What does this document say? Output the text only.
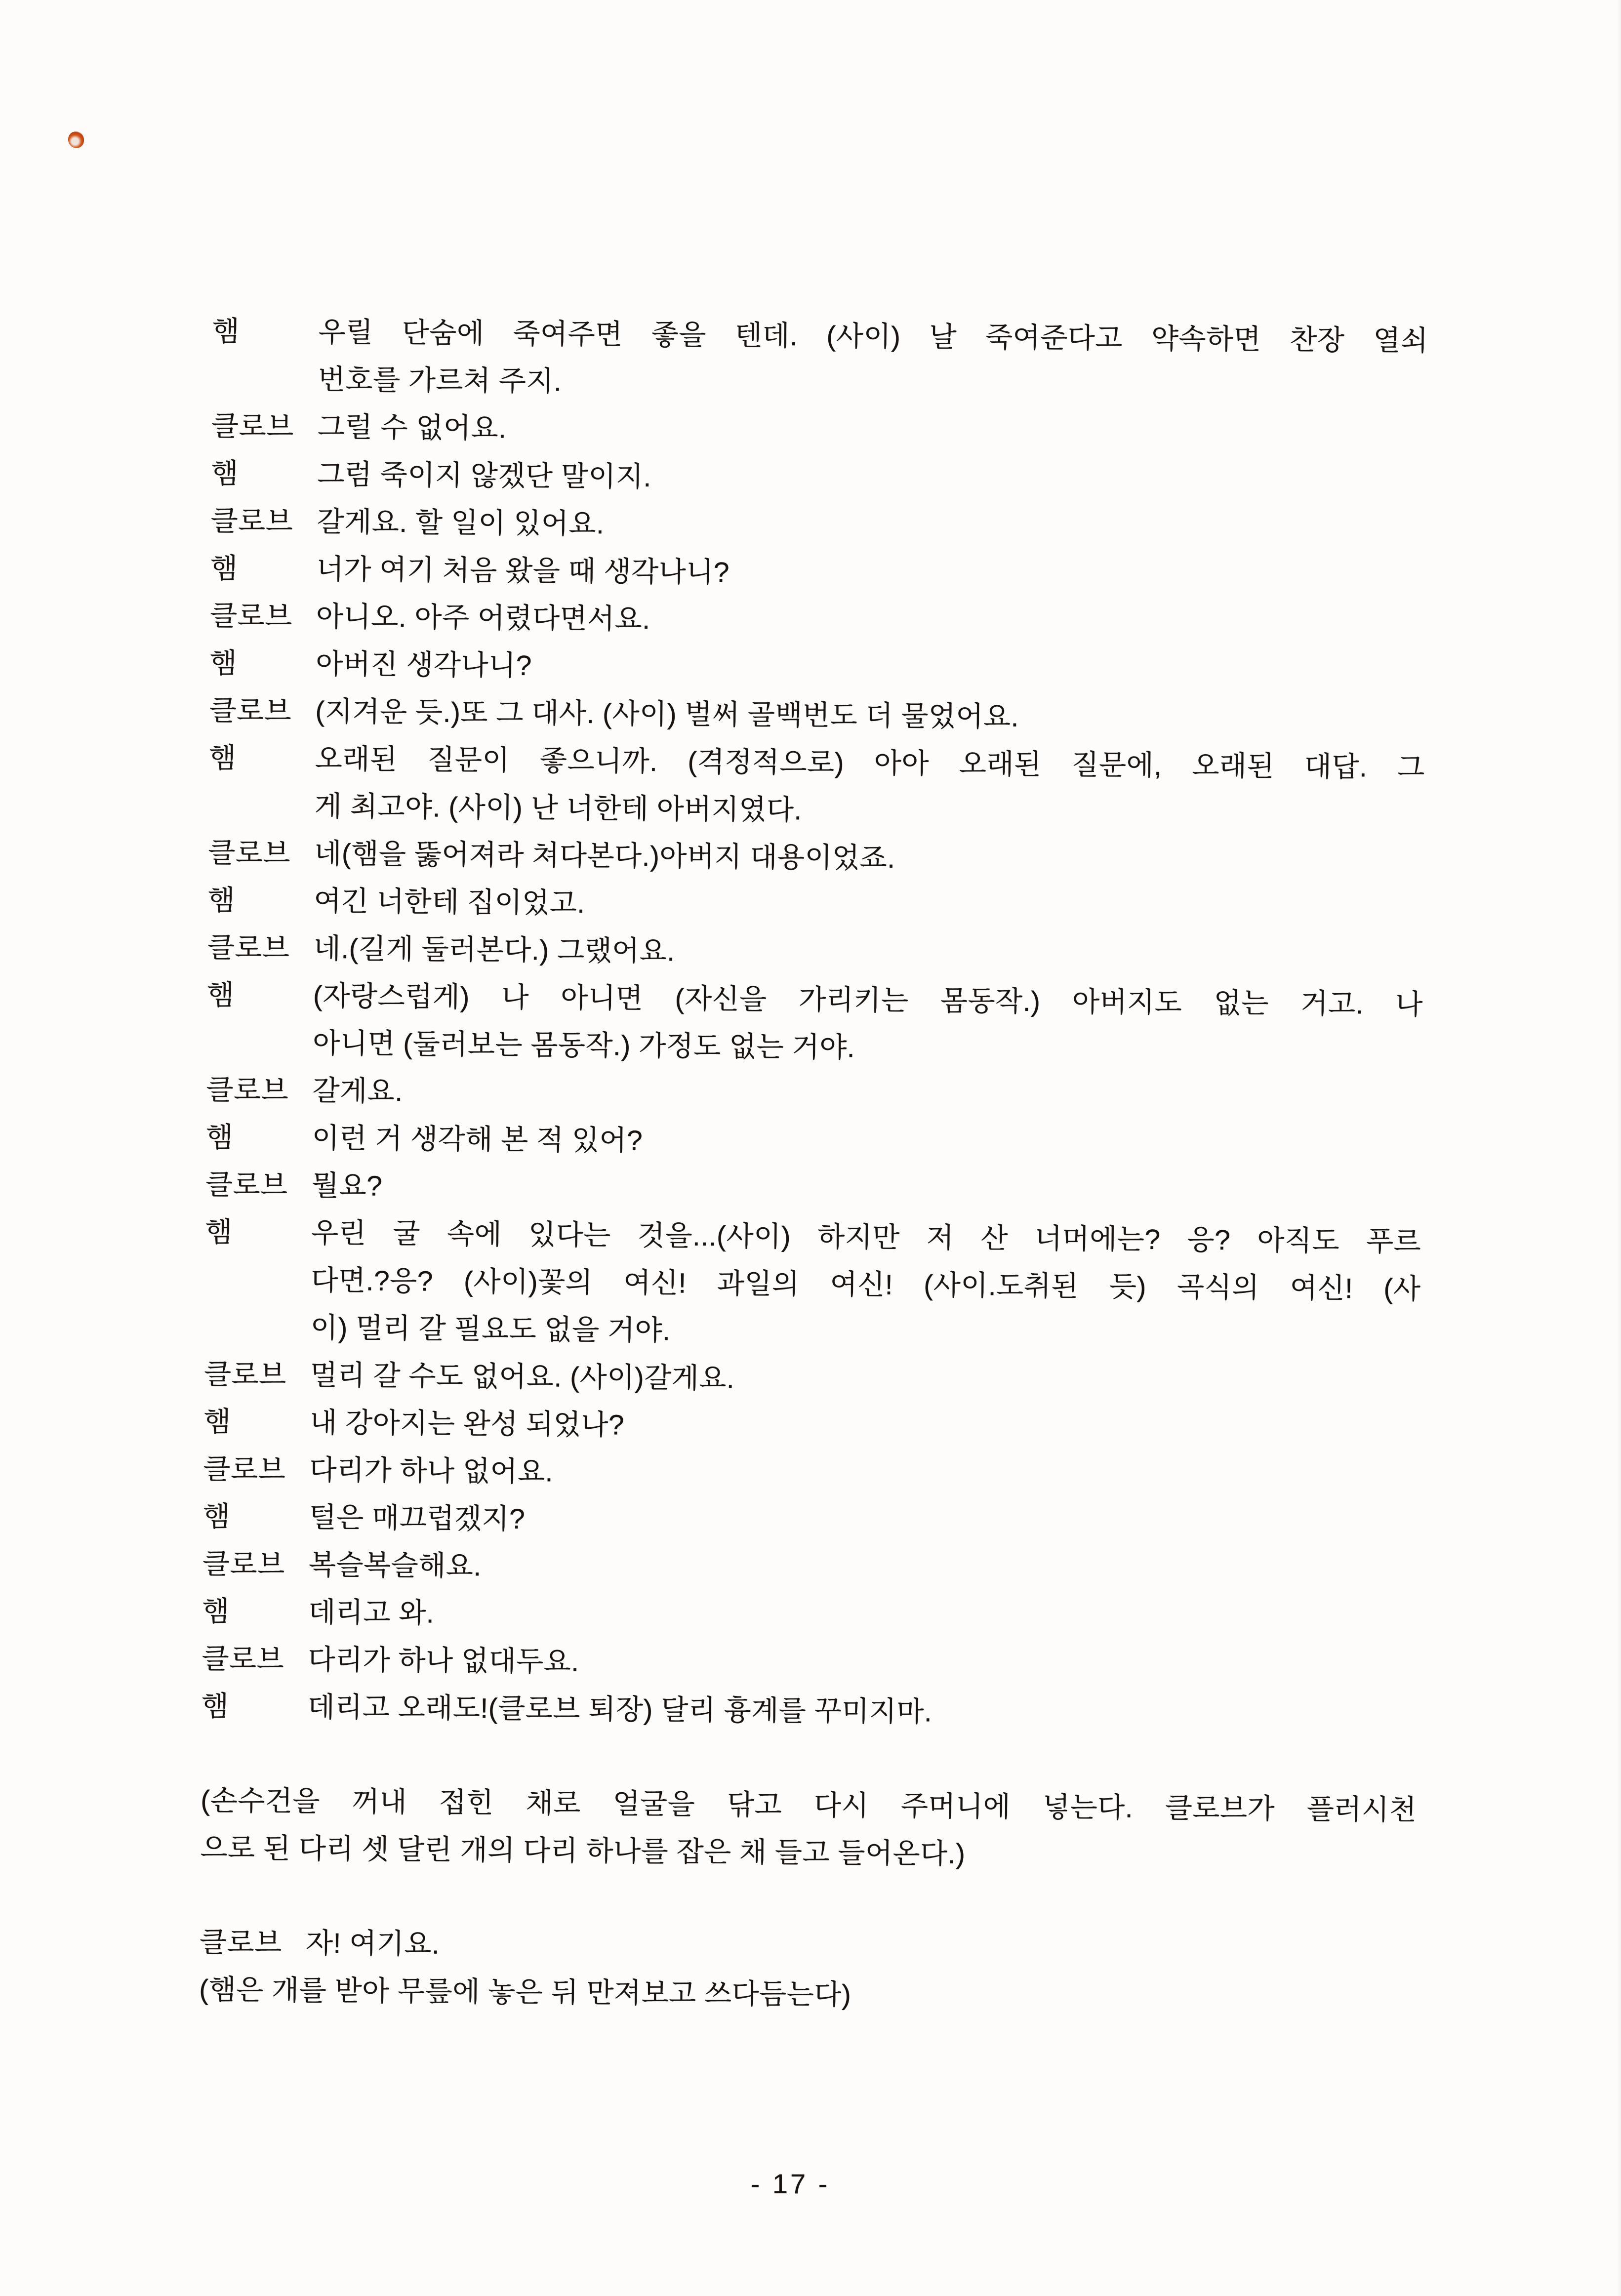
햄	우릴 단숨에 죽여주면 좋을 텐데. (사이) 날 죽여준다고 약속하면 찬장 열쇠
번호를 가르쳐 주지.
클로브 그럴 수 없어요.
햄	그럼 죽이지 않겠단 말이지.
클로브 갈게요. 할 일이 있어요.
햄	너가 여기 처음 왔을 때 생각나니?
클로브 아니오. 아주 어렸다면서요.
햄	아버진 생각나니?
클로브 (지겨운 듯.)또 그 대사. (사이) 벌써 골백번도 더 물었어요.
햄	오래된 질문이 좋으니까. (격정적으로) 아아 오래된 질문에, 오래된 대답. 그
게 최고야. (사이) 난 너한테 아버지였다.
클로브 네(햄을 뚫어져라 쳐다본다.)아버지 대용이었죠.
햄	여긴 너한테 집이었고.
클로브 네.(길게 둘러본다.) 그랬어요.
햄	(자랑스럽게) 나 아니면 (자신을 가리키는 몸동작.) 아버지도 없는 거고. 나
아니면 (둘러보는 몸동작.) 가정도 없는 거야.
클로브 갈게요.
햄	이런 거 생각해 본 적 있어?
클로브 뭘요?
햄	우린 굴 속에 있다는 것을...(사이) 하지만 저 산 너머에는? 응? 아직도 푸르
다면.?응? (사이)꽃의 여신! 과일의 여신! (사이.도취된 듯) 곡식의 여신! (사
이) 멀리 갈 필요도 없을 거야.
클로브 멀리 갈 수도 없어요. (사이)갈게요.
햄	내 강아지는 완성 되었나?
클로브 다리가 하나 없어요.
햄	털은 매끄럽겠지?
클로브 복슬복슬해요.
햄	데리고 와.
클로브 다리가 하나 없대두요.
햄	데리고 오래도!(클로브 퇴장) 달리 흉계를 꾸미지마.
(손수건을 꺼내 접힌 채로 얼굴을 닦고 다시 주머니에 넣는다. 클로브가 플러시천
으로 된 다리 셋 달린 개의 다리 하나를 잡은 채 들고 들어온다.)
클로브 자! 여기요.
(햄은 개를 받아 무릎에 놓은 뒤 만져보고 쓰다듬는다)
- 17 -
